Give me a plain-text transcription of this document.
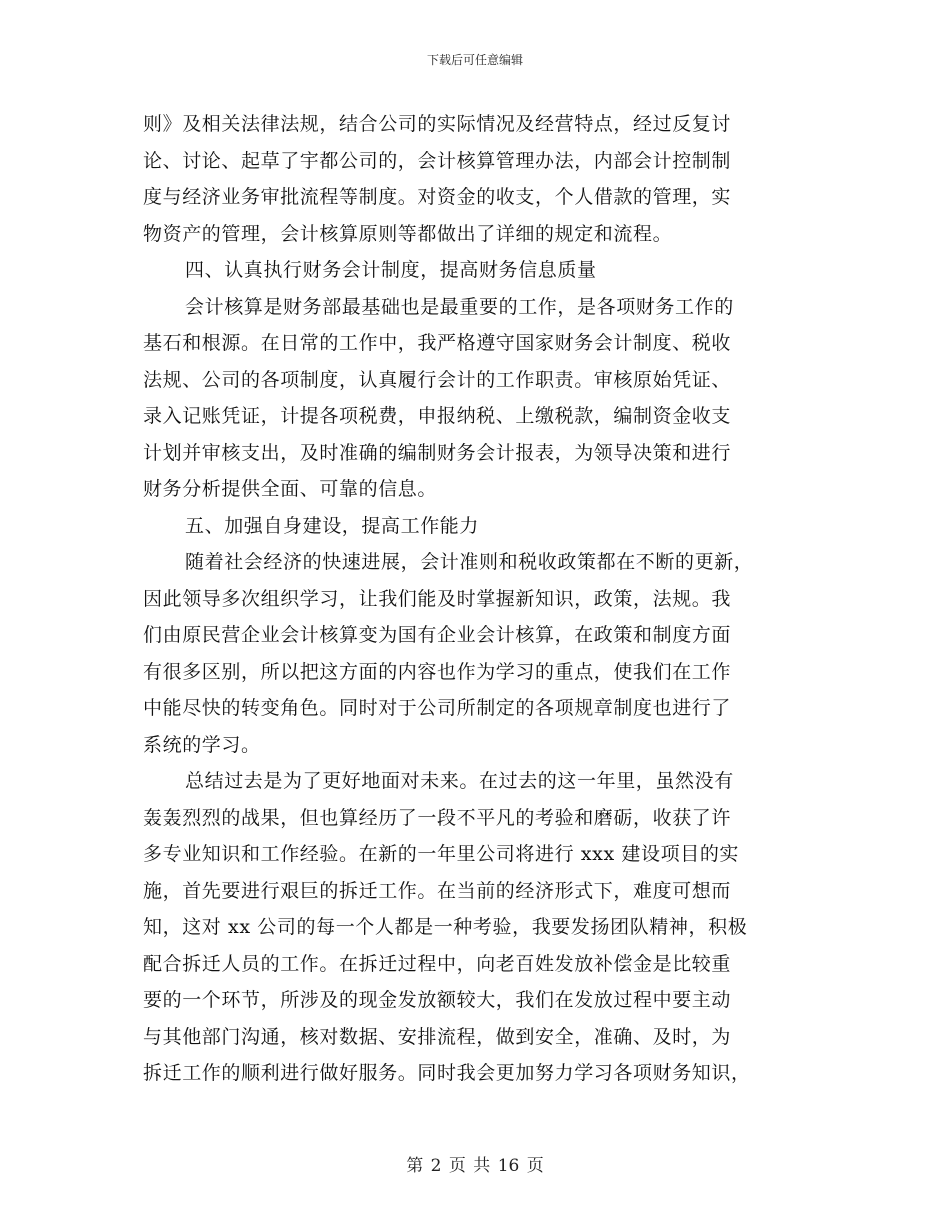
下载后可任意编辑
则》及相关法律法规，结合公司的实际情况及经营特点，经过反复讨
论、讨论、起草了宇都公司的，会计核算管理办法，内部会计控制制
度与经济业务审批流程等制度。对资金的收支，个人借款的管理，实
物资产的管理，会计核算原则等都做出了详细的规定和流程。
四、认真执行财务会计制度，提高财务信息质量
会计核算是财务部最基础也是最重要的工作，是各项财务工作的
基石和根源。在日常的工作中，我严格遵守国家财务会计制度、税收
法规、公司的各项制度，认真履行会计的工作职责。审核原始凭证、
录入记账凭证，计提各项税费，申报纳税、上缴税款，编制资金收支
计划并审核支出，及时准确的编制财务会计报表，为领导决策和进行
财务分析提供全面、可靠的信息。
五、加强自身建设，提高工作能力
随着社会经济的快速进展，会计准则和税收政策都在不断的更新，
因此领导多次组织学习，让我们能及时掌握新知识，政策，法规。我
们由原民营企业会计核算变为国有企业会计核算，在政策和制度方面
有很多区别，所以把这方面的内容也作为学习的重点，使我们在工作
中能尽快的转变角色。同时对于公司所制定的各项规章制度也进行了
系统的学习。
总结过去是为了更好地面对未来。在过去的这一年里，虽然没有
轰轰烈烈的战果，但也算经历了一段不平凡的考验和磨砺，收获了许
多专业知识和工作经验。在新的一年里公司将进行 xxx 建设项目的实
施，首先要进行艰巨的拆迁工作。在当前的经济形式下，难度可想而
知，这对 xx 公司的每一个人都是一种考验，我要发扬团队精神，积极
配合拆迁人员的工作。在拆迁过程中，向老百姓发放补偿金是比较重
要的一个环节，所涉及的现金发放额较大，我们在发放过程中要主动
与其他部门沟通，核对数据、安排流程，做到安全，准确、及时，为
拆迁工作的顺利进行做好服务。同时我会更加努力学习各项财务知识，
第 2 页 共 16 页
